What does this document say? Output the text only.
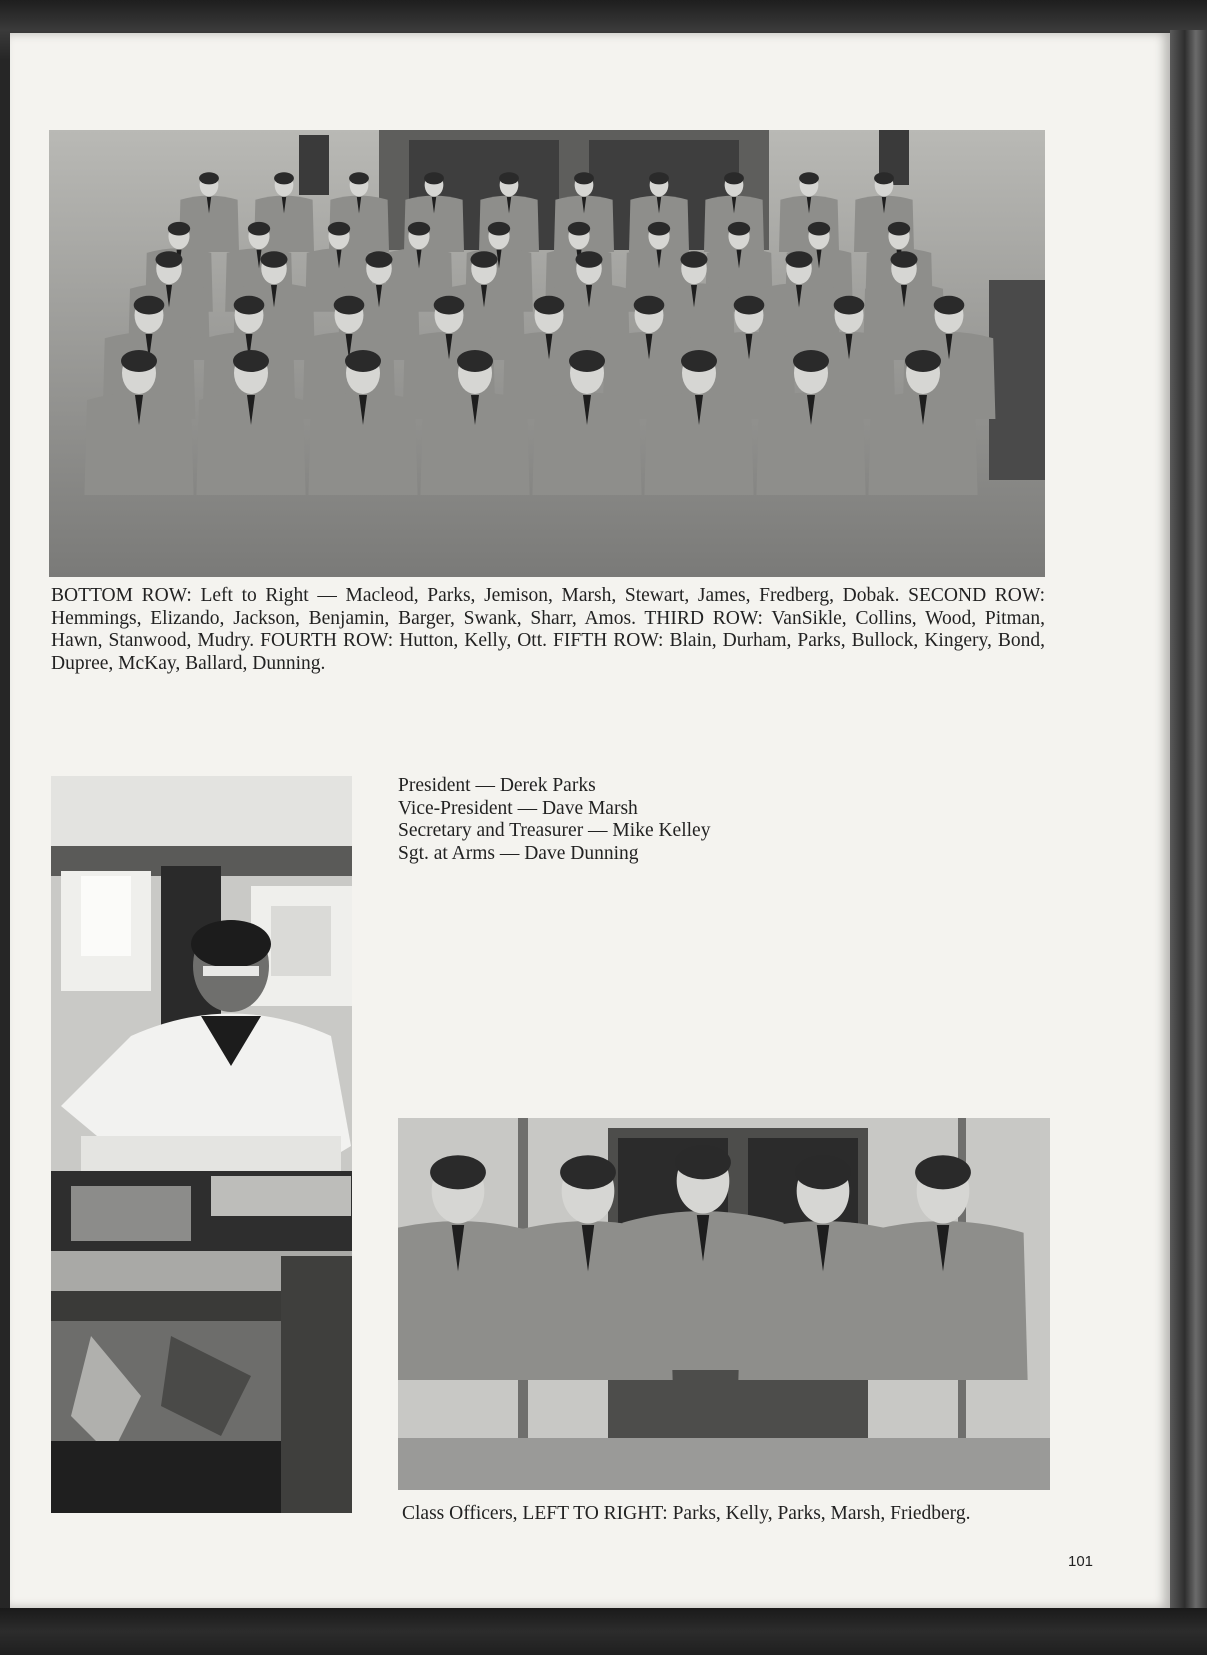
BOTTOM ROW: Left to Right — Macleod, Parks, Jemison, Marsh, Stewart, James, Fredberg, Dobak. SECOND ROW: Hemmings, Elizando, Jackson, Benjamin, Barger, Swank, Sharr, Amos. THIRD ROW: VanSikle, Collins, Wood, Pitman, Hawn, Stanwood, Mudry. FOURTH ROW: Hutton, Kelly, Ott. FIFTH ROW: Blain, Durham, Parks, Bullock, Kingery, Bond, Dupree, McKay, Ballard, Dunning.

President — Derek Parks
Vice-President — Dave Marsh
Secretary and Treasurer — Mike Kelley
Sgt. at Arms — Dave Dunning

Class Officers, LEFT TO RIGHT: Parks, Kelly, Parks, Marsh, Friedberg.

101
